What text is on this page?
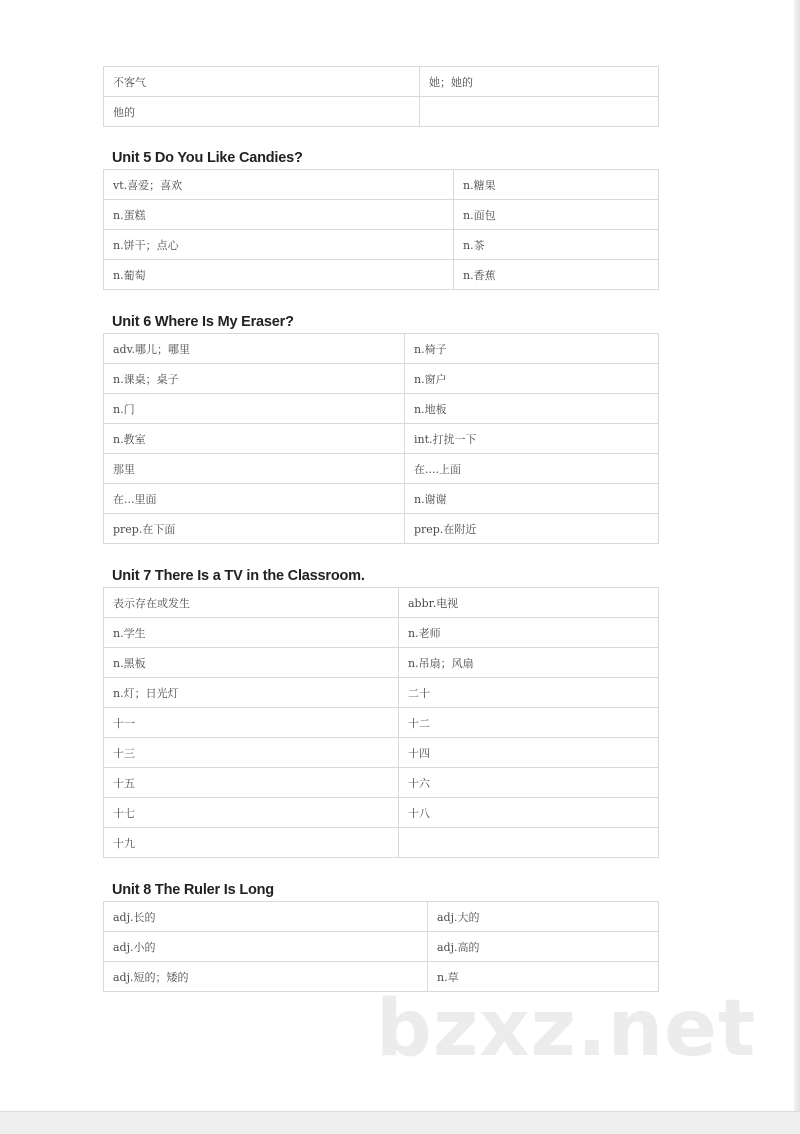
不客气	她；她的
他的	
Unit 5 Do You Like Candies?
vt.喜爱；喜欢	n.糖果
n.蛋糕	n.面包
n.饼干；点心	n.茶
n.葡萄	n.香蕉
Unit 6 Where Is My Eraser?
adv.哪儿；哪里	n.椅子
n.课桌；桌子	n.窗户
n.门	n.地板
n.教室	int.打扰一下
那里	在....上面
在...里面	n.谢谢
prep.在下面	prep.在附近
Unit 7 There Is a TV in the Classroom.
表示存在或发生	abbr.电视
n.学生	n.老师
n.黑板	n.吊扇；风扇
n.灯；日光灯	二十
十一	十二
十三	十四
十五	十六
十七	十八
十九	
Unit 8 The Ruler Is Long
adj.长的	adj.大的
adj.小的	adj.高的
adj.短的；矮的	n.草
bzxz.net
